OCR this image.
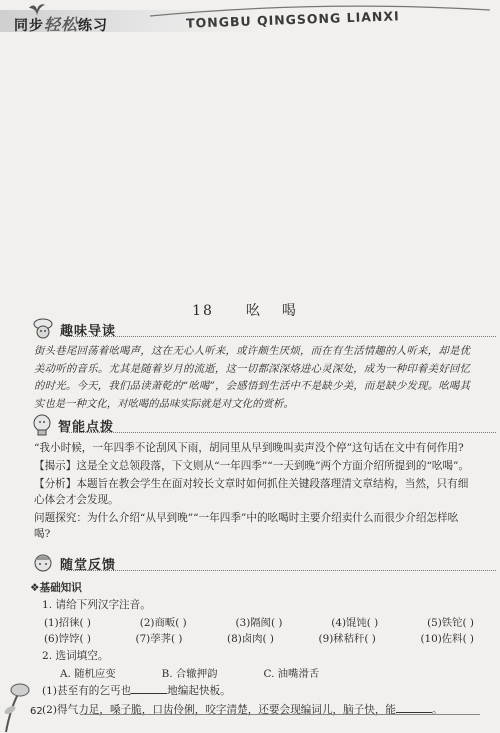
同步轻松练习	TONGBU QINGSONG LIANXI
18 吆 喝
趣味导读
街头巷尾回荡着吆喝声，这在无心人听来，或许颇生厌烦，而在有生活情趣的人听来，却是优美动听的音乐。尤其是随着岁月的流逝，这一切都深深烙进心灵深处，成为一种印着美好回忆的时光。今天，我们品读萧乾的“吆喝”，会感悟到生活中不是缺少美，而是缺少发现。吆喝其实也是一种文化，对吆喝的品味实际就是对文化的赏析。
智能点拨
“我小时候，一年四季不论刮风下雨，胡同里从早到晚叫卖声没个停”这句话在文中有何作用?
【揭示】这是全文总领段落，下文则从“一年四季”“一天到晚”两个方面介绍所提到的“吆喝”。
【分析】本题旨在教会学生在面对较长文章时如何抓住关键段落理清文章结构，当然，只有细心体会才会发现。
问题探究：为什么介绍“从早到晚”“一年四季”中的吆喝时主要介绍卖什么而很少介绍怎样吆喝?
随堂反馈
❖基础知识
1. 请给下列汉字注音。
(1)招徕( )	(2)商畈( )	(3)隔阂( )	(4)馄饨( )	(5)铁铊( )
(6)饽饽( )	(7)荸荠( )	(8)卤肉( )	(9)秫秸秆( )	(10)佐料( )
2. 选词填空。
A. 随机应变	B. 合辙押韵	C. 油嘴滑舌
(1)甚至有的乞丐也	地编起快板。
(2)得气力足，嗓子脆，口齿伶俐，咬字清楚，还要会现编词儿，脑子快，能	。
62
